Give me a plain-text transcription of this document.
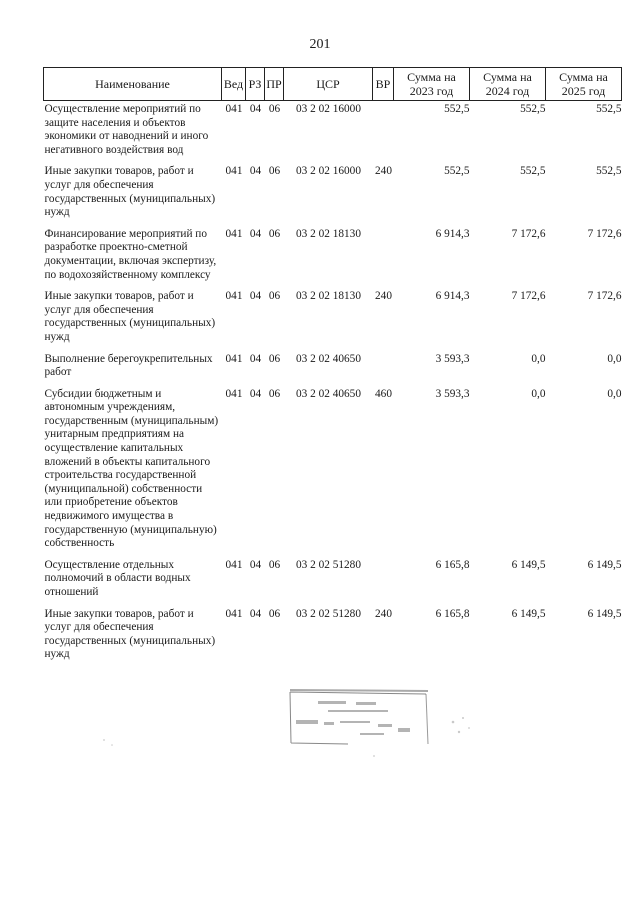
201
Наименование	Вед	РЗ	ПР	ЦСР	ВР	Сумма на 2023 год	Сумма на 2024 год	Сумма на 2025 год
Осуществление мероприятий по защите населения и объектов экономики от наводнений и иного негативного воздействия вод	041	04	06	03 2 02 16000		552,5	552,5	552,5
Иные закупки товаров, работ и услуг для обеспечения государственных (муниципальных) нужд	041	04	06	03 2 02 16000	240	552,5	552,5	552,5
Финансирование мероприятий по разработке проектно-сметной документации, включая экспертизу, по водохозяйственному комплексу	041	04	06	03 2 02 18130		6 914,3	7 172,6	7 172,6
Иные закупки товаров, работ и услуг для обеспечения государственных (муниципальных) нужд	041	04	06	03 2 02 18130	240	6 914,3	7 172,6	7 172,6
Выполнение берегоукрепительных работ	041	04	06	03 2 02 40650		3 593,3	0,0	0,0
Субсидии бюджетным и автономным учреждениям, государственным (муниципальным) унитарным предприятиям на осуществление капитальных вложений в объекты капитального строительства государственной (муниципальной) собственности или приобретение объектов недвижимого имущества в государственную (муниципальную) собственность	041	04	06	03 2 02 40650	460	3 593,3	0,0	0,0
Осуществление отдельных полномочий в области водных отношений	041	04	06	03 2 02 51280		6 165,8	6 149,5	6 149,5
Иные закупки товаров, работ и услуг для обеспечения государственных (муниципальных) нужд	041	04	06	03 2 02 51280	240	6 165,8	6 149,5	6 149,5
